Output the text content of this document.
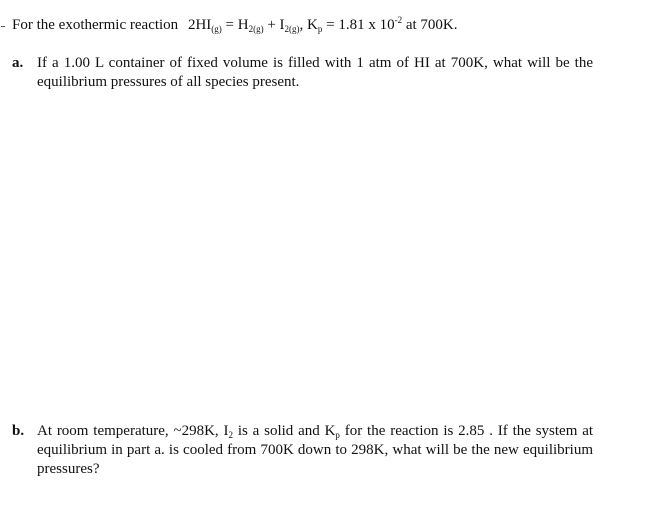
For the exothermic reaction $2HI_{(g)} = H_{2(g)} + I_{2(g)}$, $K_p = 1.81$ x $10^{-2}$ at 700K.
a. If a 1.00 L container of fixed volume is filled with 1 atm of HI at 700K, what will be the equilibrium pressures of all species present.
b. At room temperature, ~298K, $I_2$ is a solid and $K_p$ for the reaction is 2.85 . If the system at equilibrium in part a. is cooled from 700K down to 298K, what will be the new equilibrium pressures?
